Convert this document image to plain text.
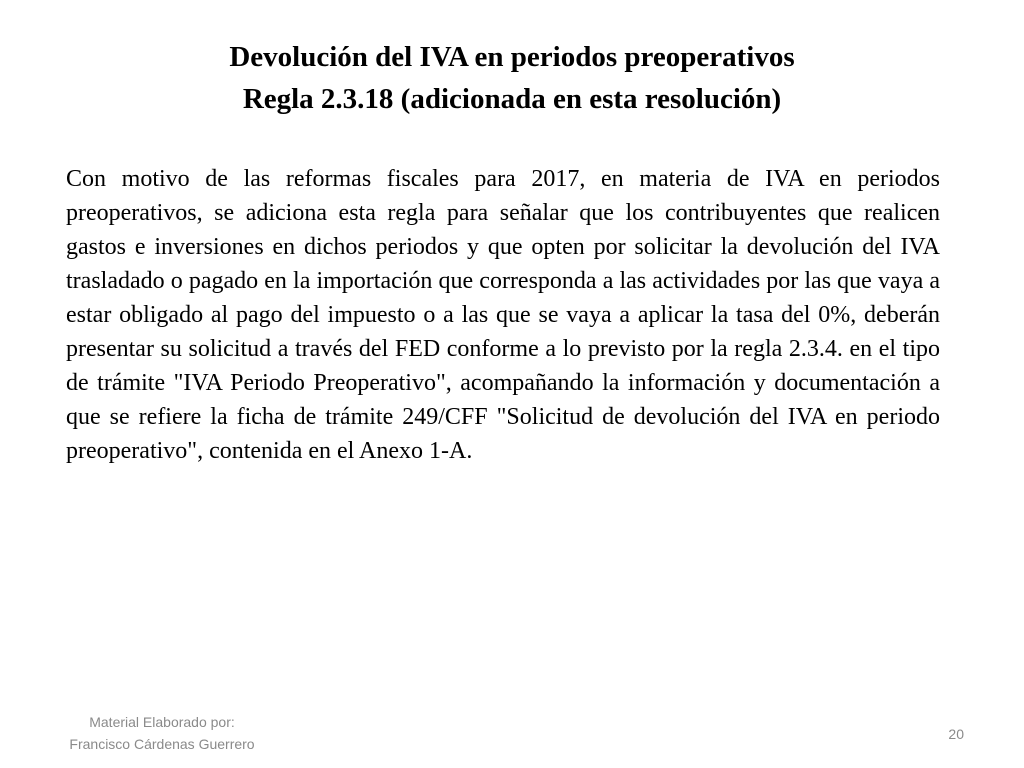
Devolución del IVA en periodos preoperativos
Regla 2.3.18 (adicionada en esta resolución)

Con motivo de las reformas fiscales para 2017, en materia de IVA en periodos preoperativos, se adiciona esta regla para señalar que los contribuyentes que realicen gastos e inversiones en dichos periodos y que opten por solicitar la devolución del IVA trasladado o pagado en la importación que corresponda a las actividades por las que vaya a estar obligado al pago del impuesto o a las que se vaya a aplicar la tasa del 0%, deberán presentar su solicitud a través del FED conforme a lo previsto por la regla 2.3.4. en el tipo de trámite "IVA Periodo Preoperativo", acompañando la información y documentación a que se refiere la ficha de trámite 249/CFF "Solicitud de devolución del IVA en periodo preoperativo", contenida en el Anexo 1-A.

Material Elaborado por:
Francisco Cárdenas Guerrero
20
